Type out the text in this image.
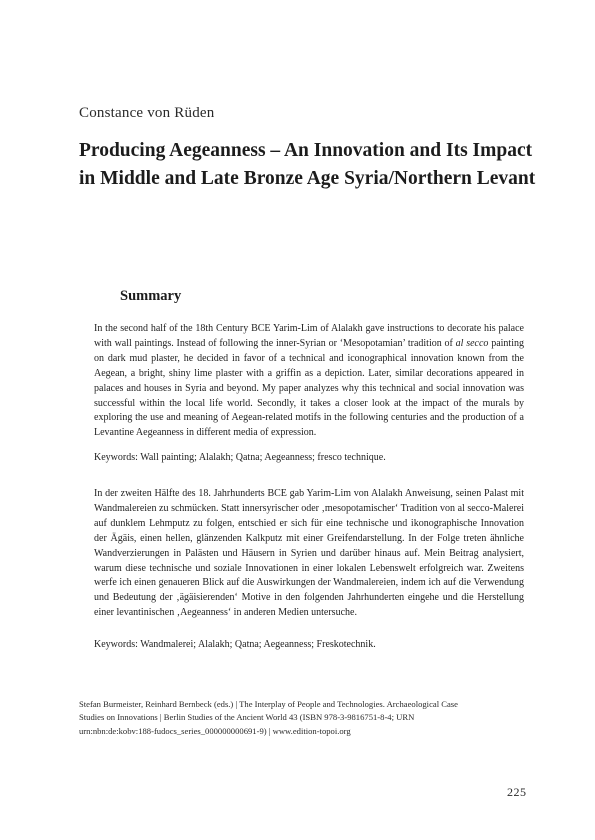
Constance von Rüden
Producing Aegeanness – An Innovation and Its Impact in Middle and Late Bronze Age Syria/Northern Levant
Summary

In the second half of the 18th Century BCE Yarim-Lim of Alalakh gave instructions to decorate his palace with wall paintings. Instead of following the inner-Syrian or ‘Mesopotamian’ tradition of al secco painting on dark mud plaster, he decided in favor of a technical and iconographical innovation known from the Aegean, a bright, shiny lime plaster with a griffin as a depiction. Later, similar decorations appeared in palaces and houses in Syria and beyond. My paper analyzes why this technical and social innovation was successful within the local life world. Secondly, it takes a closer look at the impact of the murals by exploring the use and meaning of Aegean-related motifs in the following centuries and the production of a Levantine Aegeanness in different media of expression.

Keywords: Wall painting; Alalakh; Qatna; Aegeanness; fresco technique.

In der zweiten Hälfte des 18. Jahrhunderts BCE gab Yarim-Lim von Alalakh Anweisung, seinen Palast mit Wandmalereien zu schmücken. Statt innersyrischer oder ‚mesopotamischer‘ Tradition von al secco-Malerei auf dunklem Lehmputz zu folgen, entschied er sich für eine technische und ikonographische Innovation der Ägäis, einen hellen, glänzenden Kalkputz mit einer Greifendarstellung. In der Folge treten ähnliche Wandverzierungen in Palästen und Häusern in Syrien und darüber hinaus auf. Mein Beitrag analysiert, warum diese technische und soziale Innovationen in einer lokalen Lebenswelt erfolgreich war. Zweitens werfe ich einen genaueren Blick auf die Auswirkungen der Wandmalereien, indem ich auf die Verwendung und Bedeutung der ‚ägäisierenden‘ Motive in den folgenden Jahrhunderten eingehe und die Herstellung einer levantinischen ‚Aegeanness‘ in anderen Medien untersuche.

Keywords: Wandmalerei; Alalakh; Qatna; Aegeanness; Freskotechnik.

Stefan Burmeister, Reinhard Bernbeck (eds.) | The Interplay of People and Technologies. Archaeological Case Studies on Innovations | Berlin Studies of the Ancient World 43 (ISBN 978-3-9816751-8-4; URN urn:nbn:de:kobv:188-fudocs_series_000000000691-9) | www.edition-topoi.org
225
